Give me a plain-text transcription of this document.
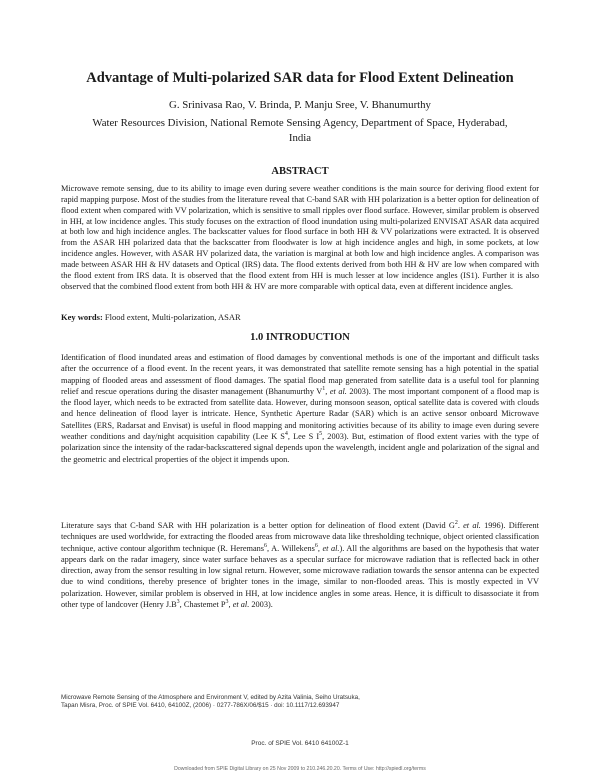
Advantage of Multi-polarized SAR data for Flood Extent Delineation
G. Srinivasa Rao, V. Brinda, P. Manju Sree, V. Bhanumurthy
Water Resources Division, National Remote Sensing Agency, Department of Space, Hyderabad, India
ABSTRACT
Microwave remote sensing, due to its ability to image even during severe weather conditions is the main source for deriving flood extent for rapid mapping purpose. Most of the studies from the literature reveal that C-band SAR with HH polarization is a better option for delineation of flood extent when compared with VV polarization, which is sensitive to small ripples over flood surface. However, similar problem is observed in HH, at low incidence angles. This study focuses on the extraction of flood inundation using multi-polarized ENVISAT ASAR data acquired at both low and high incidence angles. The backscatter values for flood surface in both HH & VV polarizations were extracted. It is observed from the ASAR HH polarized data that the backscatter from floodwater is low at high incidence angles and high, in some pockets, at low incidence angles. However, with ASAR HV polarized data, the variation is marginal at both low and high incidence angles. A comparison was made between ASAR HH & HV datasets and Optical (IRS) data. The flood extents derived from both HH & HV are low when compared with the flood extent from IRS data. It is observed that the flood extent from HH is much lesser at low incidence angles (IS1). Further it is also observed that the combined flood extent from both HH & HV are more comparable with optical data, even at different incidence angles.
Key words: Flood extent, Multi-polarization, ASAR
1.0 INTRODUCTION
Identification of flood inundated areas and estimation of flood damages by conventional methods is one of the important and difficult tasks after the occurrence of a flood event. In the recent years, it was demonstrated that satellite remote sensing has a high potential in the spatial mapping of flooded areas and assessment of flood damages. The spatial flood map generated from satellite data is a useful tool for planning relief and rescue operations during the disaster management (Bhanumurthy $V^1$, et al. 2003). The most important component of a flood map is the flood layer, which needs to be extracted from satellite data. However, during monsoon season, optical satellite data is covered with clouds and hence delineation of flood layer is intricate. Hence, Synthetic Aperture Radar (SAR) which is an active sensor onboard Microwave Satellites (ERS, Radarsat and Envisat) is useful in flood mapping and monitoring activities because of its ability to image even during severe weather conditions and day/night acquisition capability (Lee K $S^4$, Lee S $I^5$, 2003). But, estimation of flood extent varies with the type of polarization since the intensity of the radar-backscattered signal depends upon the wavelength, incident angle and polarization of the signal and the geometric and electrical properties of the object it impends upon.
Literature says that C-band SAR with HH polarization is a better option for delineation of flood extent (David $G^2$. et al. 1996). Different techniques are used worldwide, for extracting the flooded areas from microwave data like thresholding technique, object oriented classification technique, active contour algorithm technique (R. Heremans$^6$, A. Willekens$^6$, et al.). All the algorithms are based on the hypothesis that water appears dark on the radar imagery, since water surface behaves as a specular surface for microwave radiation that is reflected back in other direction, away from the sensor resulting in low signal return. However, some microwave radiation towards the sensor antenna can be expected due to wind conditions, thereby presence of brighter tones in the image, similar to non-flooded areas. This is mostly expected in VV polarization. However, similar problem is observed in HH, at low incidence angles in some areas. Hence, it is difficult to disassociate it from other type of landcover (Henry $J.B^3$, Chastemet $P^3$, et al. 2003).
Microwave Remote Sensing of the Atmosphere and Environment V, edited by Azita Valinia, Seiho Uratsuka,
Tapan Misra, Proc. of SPIE Vol. 6410, 64100Z, (2006) · 0277-786X/06/$15 · doi: 10.1117/12.693947
Proc. of SPIE Vol. 6410 64100Z-1
Downloaded from SPIE Digital Library on 25 Nov 2009 to 210.246.20.20. Terms of Use: http://spiedl.org/terms
